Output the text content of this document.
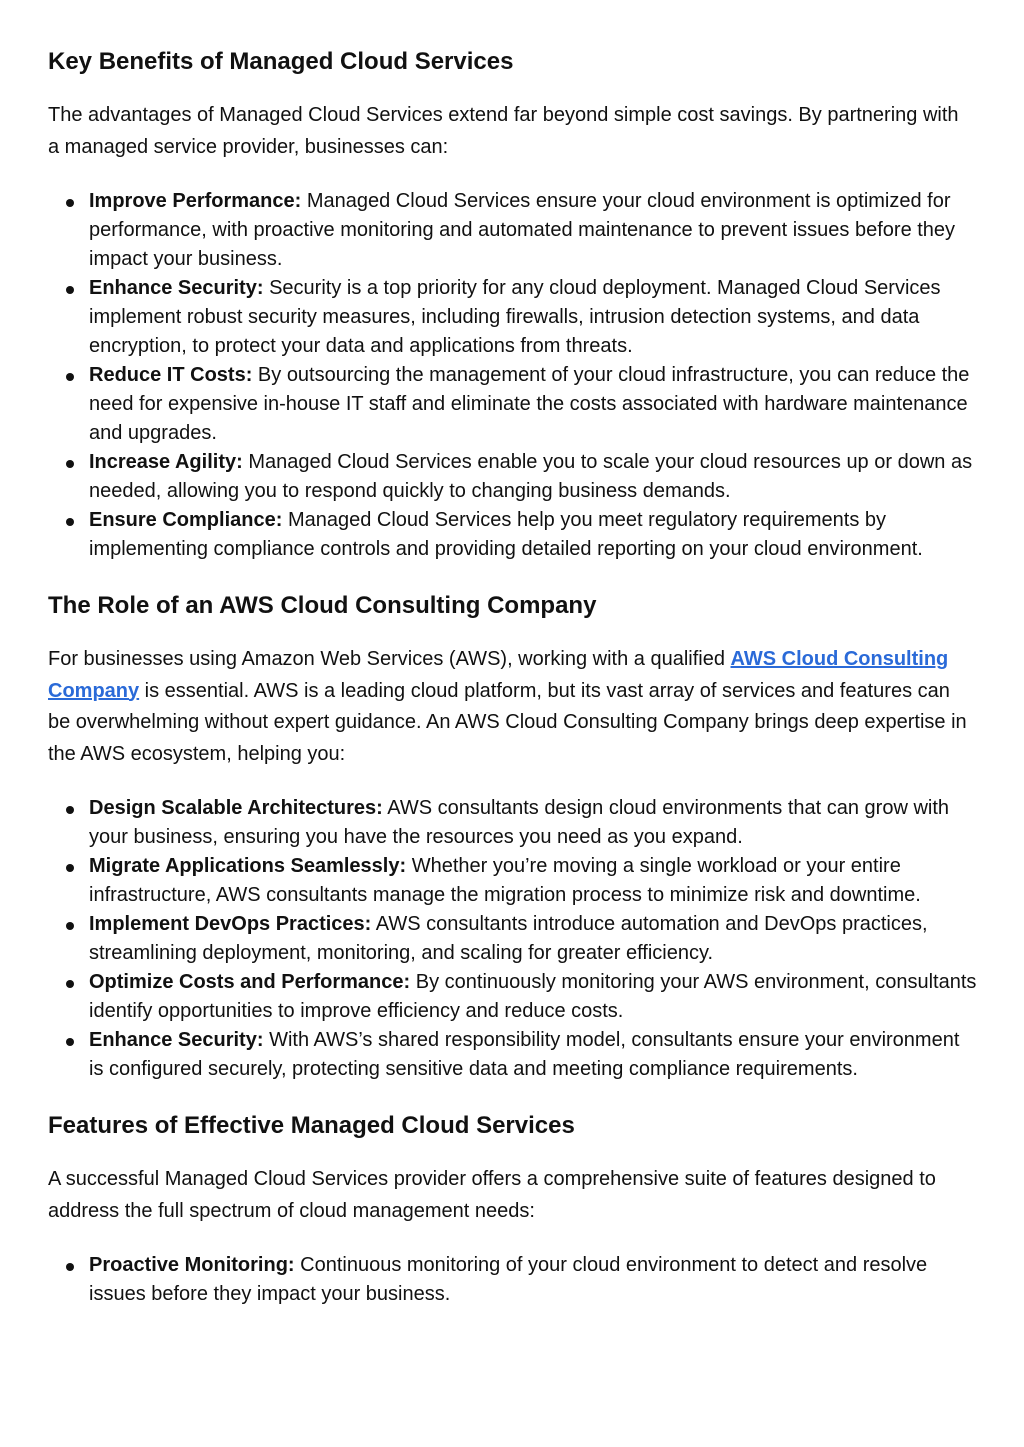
Key Benefits of Managed Cloud Services

The advantages of Managed Cloud Services extend far beyond simple cost savings. By partnering with a managed service provider, businesses can:

Improve Performance: Managed Cloud Services ensure your cloud environment is optimized for performance, with proactive monitoring and automated maintenance to prevent issues before they impact your business.
Enhance Security: Security is a top priority for any cloud deployment. Managed Cloud Services implement robust security measures, including firewalls, intrusion detection systems, and data encryption, to protect your data and applications from threats.
Reduce IT Costs: By outsourcing the management of your cloud infrastructure, you can reduce the need for expensive in-house IT staff and eliminate the costs associated with hardware maintenance and upgrades.
Increase Agility: Managed Cloud Services enable you to scale your cloud resources up or down as needed, allowing you to respond quickly to changing business demands.
Ensure Compliance: Managed Cloud Services help you meet regulatory requirements by implementing compliance controls and providing detailed reporting on your cloud environment.
The Role of an AWS Cloud Consulting Company

For businesses using Amazon Web Services (AWS), working with a qualified AWS Cloud Consulting Company is essential. AWS is a leading cloud platform, but its vast array of services and features can be overwhelming without expert guidance. An AWS Cloud Consulting Company brings deep expertise in the AWS ecosystem, helping you:

Design Scalable Architectures: AWS consultants design cloud environments that can grow with your business, ensuring you have the resources you need as you expand.
Migrate Applications Seamlessly: Whether you’re moving a single workload or your entire infrastructure, AWS consultants manage the migration process to minimize risk and downtime.
Implement DevOps Practices: AWS consultants introduce automation and DevOps practices, streamlining deployment, monitoring, and scaling for greater efficiency.
Optimize Costs and Performance: By continuously monitoring your AWS environment, consultants identify opportunities to improve efficiency and reduce costs.
Enhance Security: With AWS’s shared responsibility model, consultants ensure your environment is configured securely, protecting sensitive data and meeting compliance requirements.
Features of Effective Managed Cloud Services

A successful Managed Cloud Services provider offers a comprehensive suite of features designed to address the full spectrum of cloud management needs:

Proactive Monitoring: Continuous monitoring of your cloud environment to detect and resolve issues before they impact your business.
